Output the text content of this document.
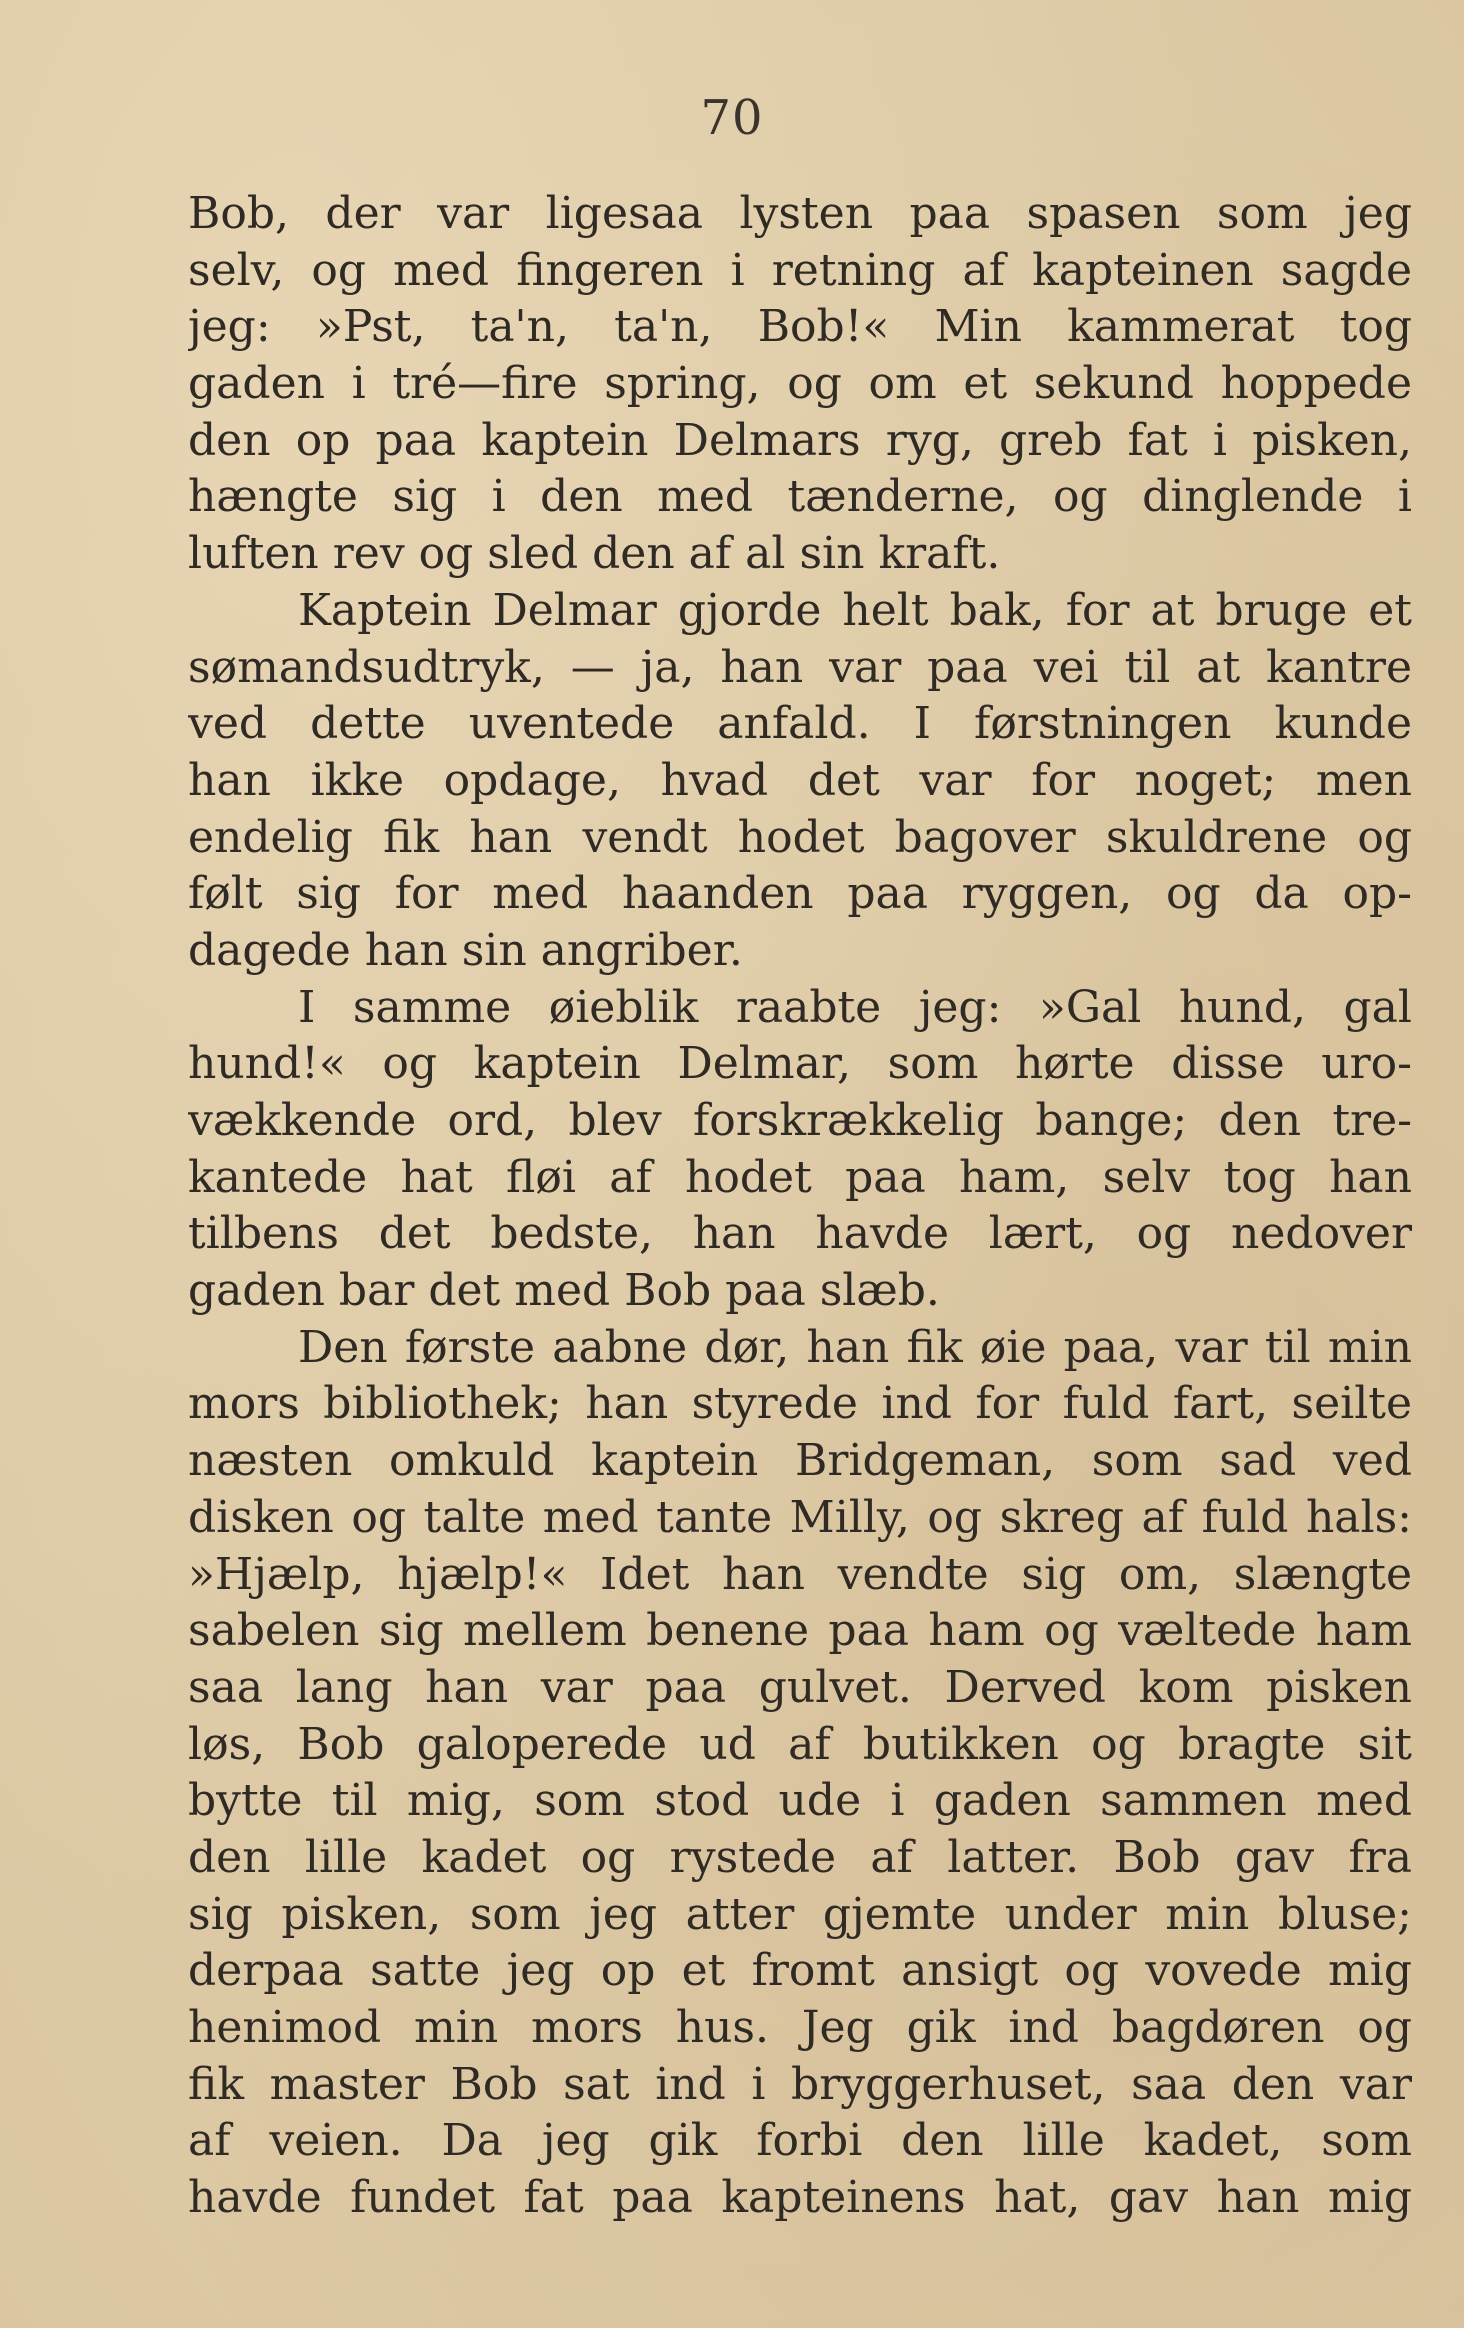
70
Bob, der var ligesaa lysten paa spasen som jeg
selv, og med fingeren i retning af kapteinen sagde
jeg: »Pst, ta'n, ta'n, Bob!« Min kammerat tog
gaden i tré—fire spring, og om et sekund hoppede
den op paa kaptein Delmars ryg, greb fat i pisken,
hængte sig i den med tænderne, og dinglende i
luften rev og sled den af al sin kraft.
Kaptein Delmar gjorde helt bak, for at bruge et
sømandsudtryk, — ja, han var paa vei til at kantre
ved dette uventede anfald. I førstningen kunde
han ikke opdage, hvad det var for noget; men
endelig fik han vendt hodet bagover skuldrene og
følt sig for med haanden paa ryggen, og da op-
dagede han sin angriber.
I samme øieblik raabte jeg: »Gal hund, gal
hund!« og kaptein Delmar, som hørte disse uro-
vækkende ord, blev forskrækkelig bange; den tre-
kantede hat fløi af hodet paa ham, selv tog han
tilbens det bedste, han havde lært, og nedover
gaden bar det med Bob paa slæb.
Den første aabne dør, han fik øie paa, var til min
mors bibliothek; han styrede ind for fuld fart, seilte
næsten omkuld kaptein Bridgeman, som sad ved
disken og talte med tante Milly, og skreg af fuld hals:
»Hjælp, hjælp!« Idet han vendte sig om, slængte
sabelen sig mellem benene paa ham og væltede ham
saa lang han var paa gulvet. Derved kom pisken
løs, Bob galoperede ud af butikken og bragte sit
bytte til mig, som stod ude i gaden sammen med
den lille kadet og rystede af latter. Bob gav fra
sig pisken, som jeg atter gjemte under min bluse;
derpaa satte jeg op et fromt ansigt og vovede mig
henimod min mors hus. Jeg gik ind bagdøren og
fik master Bob sat ind i bryggerhuset, saa den var
af veien. Da jeg gik forbi den lille kadet, som
havde fundet fat paa kapteinens hat, gav han mig
